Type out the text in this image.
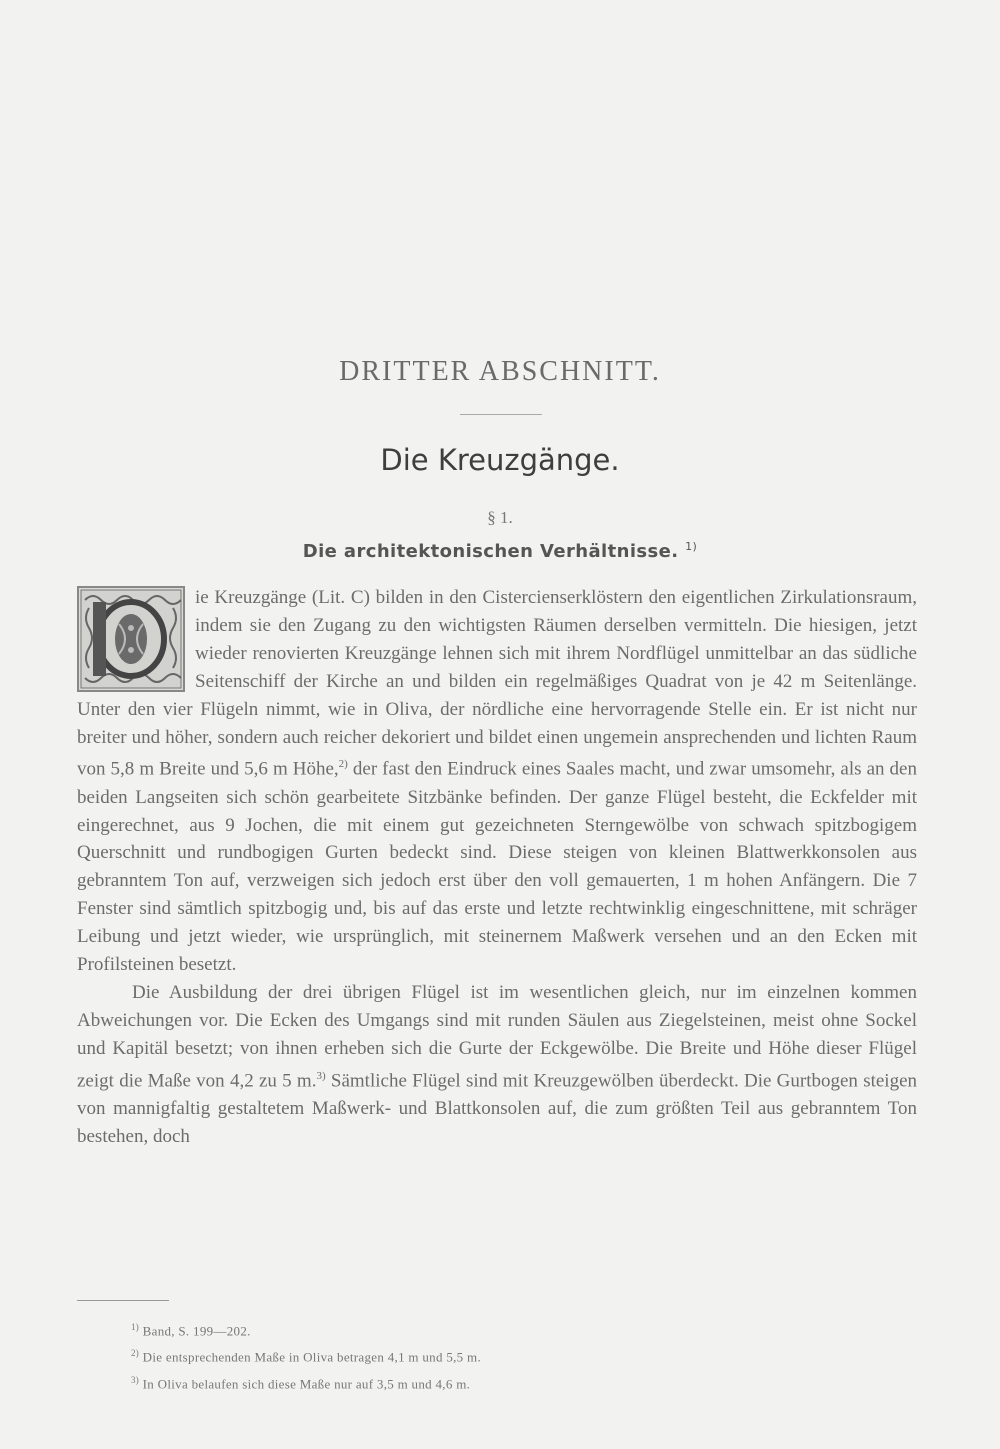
DRITTER ABSCHNITT.
Die Kreuzgänge.
§ 1.
Die architektonischen Verhältnisse. $^{1)}$

ie Kreuzgänge (Lit. C) bilden in den Cistercienserklöstern den eigentlichen Zirkulationsraum, indem sie den Zugang zu den wichtigsten Räumen derselben vermitteln. Die hiesigen, jetzt wieder renovierten Kreuzgänge lehnen sich mit ihrem Nordflügel unmittelbar an das südliche Seitenschiff der Kirche an und bilden ein regelmäßiges Quadrat von je 42 m Seitenlänge. Unter den vier Flügeln nimmt, wie in Oliva, der nördliche eine hervorragende Stelle ein. Er ist nicht nur breiter und höher, sondern auch reicher dekoriert und bildet einen ungemein ansprechenden und lichten Raum von 5,8 m Breite und 5,6 m Höhe,$^{2)}$ der fast den Eindruck eines Saales macht, und zwar umsomehr, als an den beiden Langseiten sich schön gearbeitete Sitzbänke befinden. Der ganze Flügel besteht, die Eckfelder mit eingerechnet, aus 9 Jochen, die mit einem gut gezeichneten Sterngewölbe von schwach spitzbogigem Querschnitt und rundbogigen Gurten bedeckt sind. Diese steigen von kleinen Blattwerkkonsolen aus gebranntem Ton auf, verzweigen sich jedoch erst über den voll gemauerten, 1 m hohen Anfängern. Die 7 Fenster sind sämtlich spitzbogig und, bis auf das erste und letzte rechtwinklig eingeschnittene, mit schräger Leibung und jetzt wieder, wie ursprünglich, mit steinernem Maßwerk versehen und an den Ecken mit Profilsteinen besetzt.

Die Ausbildung der drei übrigen Flügel ist im wesentlichen gleich, nur im einzelnen kommen Abweichungen vor. Die Ecken des Umgangs sind mit runden Säulen aus Ziegelsteinen, meist ohne Sockel und Kapitäl besetzt; von ihnen erheben sich die Gurte der Eckgewölbe. Die Breite und Höhe dieser Flügel zeigt die Maße von 4,2 zu 5 m.$^{3)}$ Sämtliche Flügel sind mit Kreuzgewölben überdeckt. Die Gurtbogen steigen von mannigfaltig gestaltetem Maßwerk- und Blattkonsolen auf, die zum größten Teil aus gebranntem Ton bestehen, doch

$^{1)}$ Band, S. 199—202.
$^{2)}$ Die entsprechenden Maße in Oliva betragen 4,1 m und 5,5 m.
$^{3)}$ In Oliva belaufen sich diese Maße nur auf 3,5 m und 4,6 m.
